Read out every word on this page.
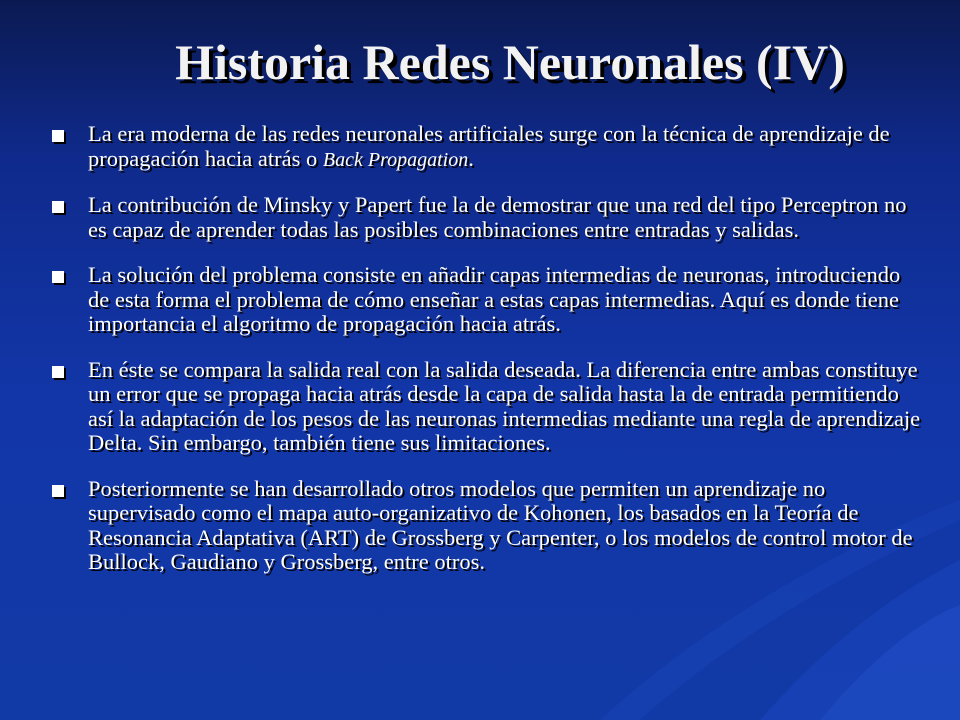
Historia Redes Neuronales (IV)
La era moderna de las redes neuronales artificiales surge con la técnica de aprendizaje de propagación hacia atrás o Back Propagation.
La contribución de Minsky y Papert fue la de demostrar que una red del tipo Perceptron no es capaz de aprender todas las posibles combinaciones entre entradas y salidas.
La solución del problema consiste en añadir capas intermedias de neuronas, introduciendo de esta forma el problema de cómo enseñar a estas capas intermedias. Aquí es donde tiene importancia el algoritmo de propagación hacia atrás.
En éste se compara la salida real con la salida deseada. La diferencia entre ambas constituye un error que se propaga hacia atrás desde la capa de salida hasta la de entrada permitiendo así la adaptación de los pesos de las neuronas intermedias mediante una regla de aprendizaje Delta. Sin embargo, también tiene sus limitaciones.
Posteriormente se han desarrollado otros modelos que permiten un aprendizaje no supervisado como el mapa auto-organizativo de Kohonen, los basados en la Teoría de Resonancia Adaptativa (ART) de Grossberg y Carpenter, o los modelos de control motor de Bullock, Gaudiano y Grossberg, entre otros.
